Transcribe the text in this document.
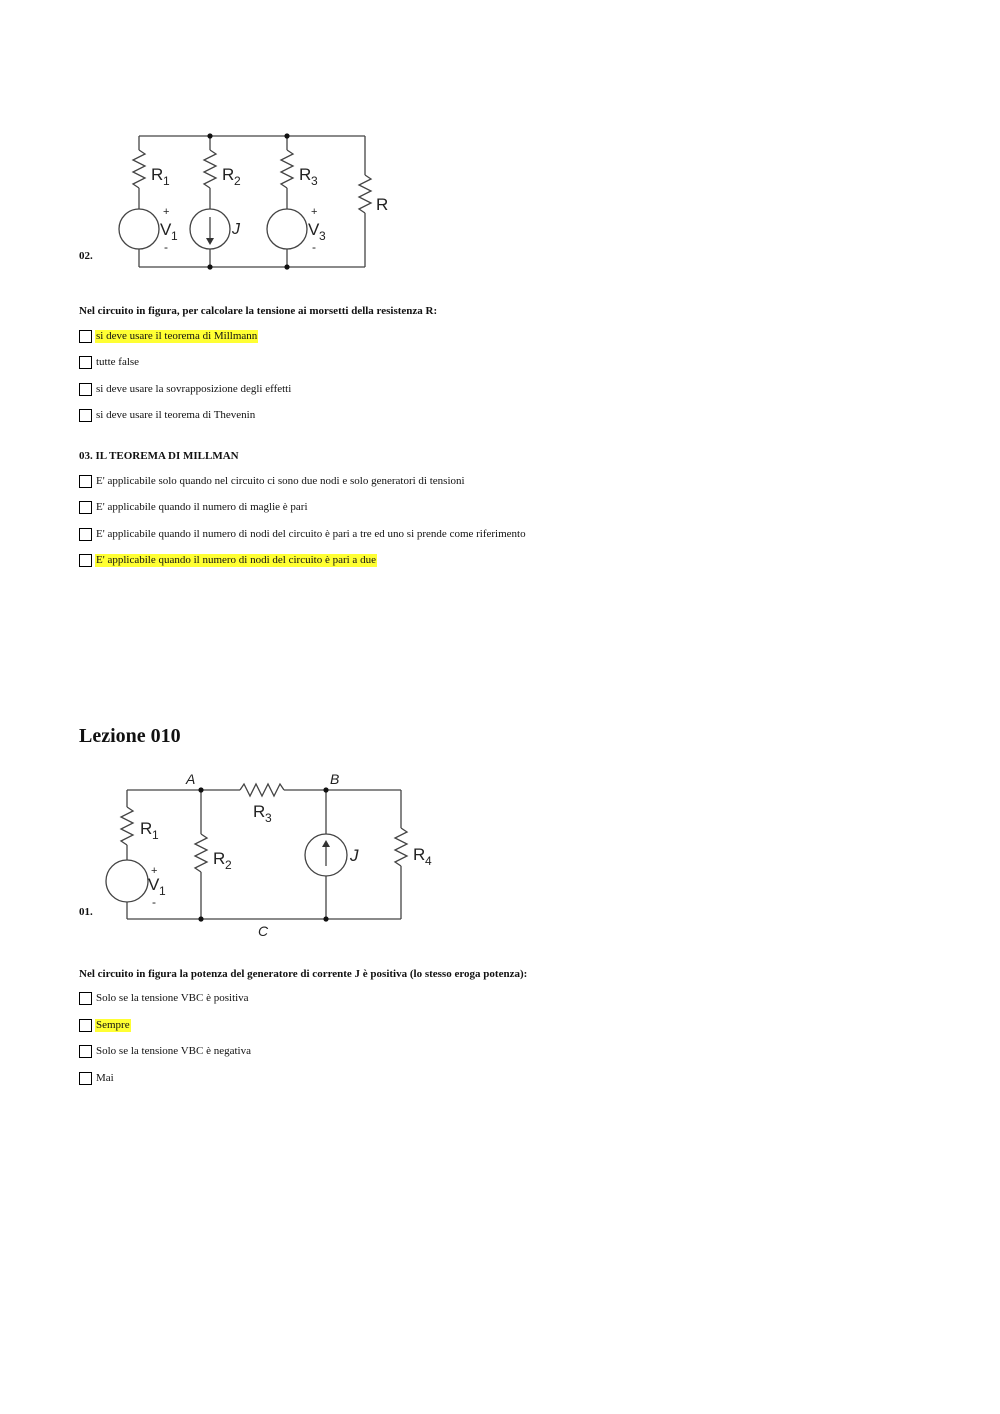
R 1	R 2	R 3
R
+
V 1
-
J
+
V 3
-
02.
Nel circuito in figura, per calcolare la tensione ai morsetti della resistenza R:
si deve usare il teorema di Millmann
tutte false
si deve usare la sovrapposizione degli effetti
si deve usare il teorema di Thevenin
03. IL TEOREMA DI MILLMAN
E' applicabile solo quando nel circuito ci sono due nodi e solo generatori di tensioni
E' applicabile quando il numero di maglie è pari
E' applicabile quando il numero di nodi del circuito è pari a tre ed uno si prende come riferimento
E' applicabile quando il numero di nodi del circuito è pari a due
Lezione 010
A	B
C
R 1
R 3
R 2
R 4
+
V 1
-
J
01.
Nel circuito in figura la potenza del generatore di corrente J è positiva (lo stesso eroga potenza):
Solo se la tensione VBC è positiva
Sempre
Solo se la tensione VBC è negativa
Mai
